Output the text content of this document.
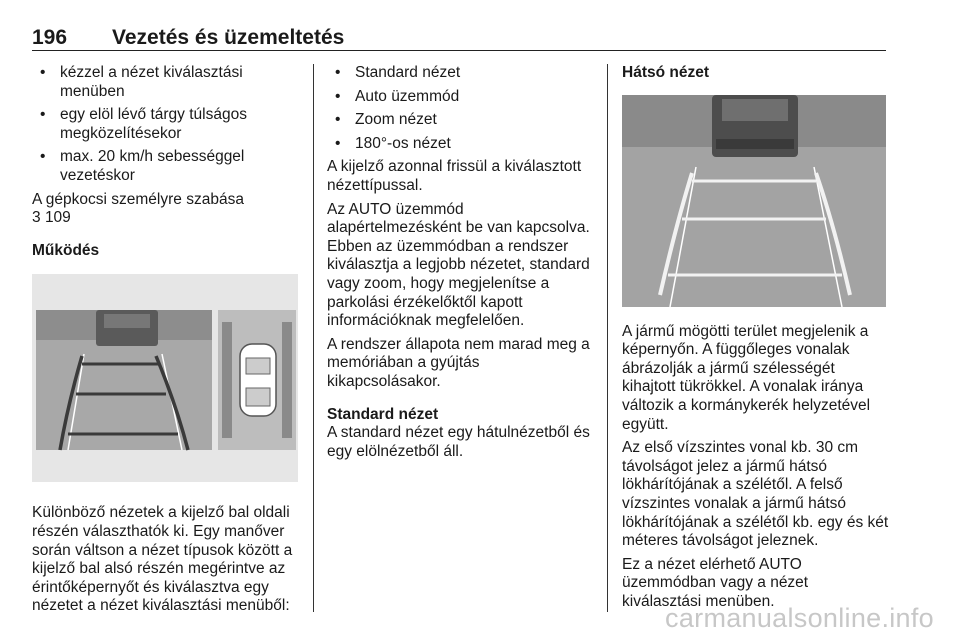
196 Vezetés és üzemeltetés
• kézzel a nézet kiválasztási menüben
• egy elöl lévő tárgy túlságos megközelítésekor
• max. 20 km/h sebességgel vezetéskor

A gépkocsi személyre szabása
3 109

Működés

Különböző nézetek a kijelző bal oldali részén választhatók ki. Egy manőver során váltson a nézet típusok között a kijelző bal alsó részén megérintve az érintőképernyőt és kiválasztva egy nézetet a nézet kiválasztási menüből:

• Standard nézet
• Auto üzemmód
• Zoom nézet
• 180°-os nézet

A kijelző azonnal frissül a kiválasztott nézettípussal.

Az AUTO üzemmód alapértelmezésként be van kapcsolva. Ebben az üzemmódban a rendszer kiválasztja a legjobb nézetet, standard vagy zoom, hogy megjelenítse a parkolási érzékelőktől kapott információknak megfelelően.

A rendszer állapota nem marad meg a memóriában a gyújtás kikapcsolásakor.

Standard nézet

A standard nézet egy hátulnézetből és egy elölnézetből áll.

Hátsó nézet

A jármű mögötti terület megjelenik a képernyőn. A függőleges vonalak ábrázolják a jármű szélességét kihajtott tükrökkel. A vonalak iránya változik a kormánykerék helyzetével együtt.

Az első vízszintes vonal kb. 30 cm távolságot jelez a jármű hátsó lökhárítójának a szélétől. A felső vízszintes vonalak a jármű hátsó lökhárítójának a szélétől kb. egy és két méteres távolságot jeleznek.

Ez a nézet elérhető AUTO üzemmódban vagy a nézet kiválasztási menüben.

carmanualsonline.info
